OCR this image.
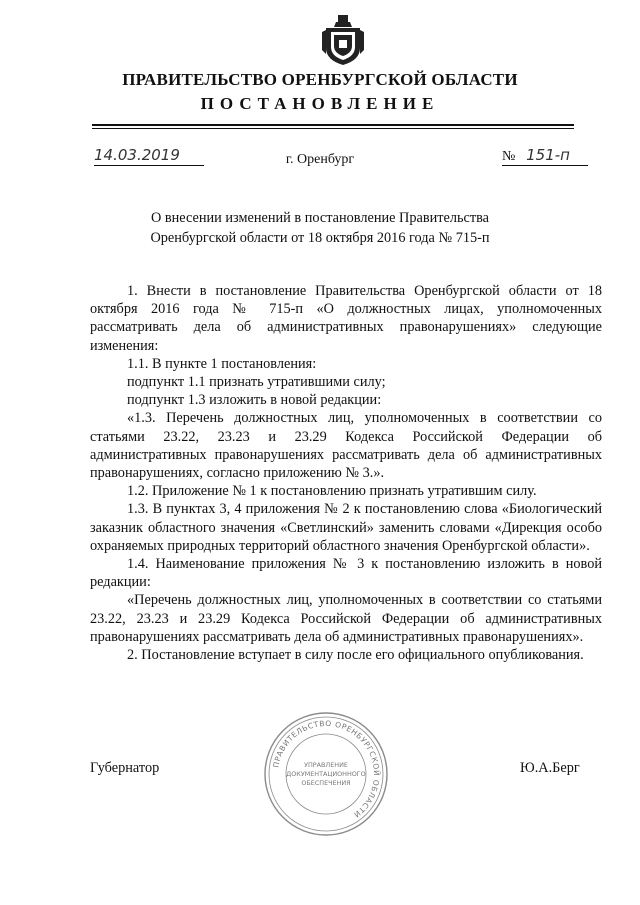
ПРАВИТЕЛЬСТВО ОРЕНБУРГСКОЙ ОБЛАСТИ
ПОСТАНОВЛЕНИЕ
14.03.2019	г. Оренбург	№ 151-п
О внесении изменений в постановление Правительства
Оренбургской области от 18 октября 2016 года № 715-п

1. Внести в постановление Правительства Оренбургской области от 18 октября 2016 года № 715-п «О должностных лицах, уполномоченных рассматривать дела об административных правонарушениях» следующие изменения:

1.1. В пункте 1 постановления:

подпункт 1.1 признать утратившими силу;

подпункт 1.3 изложить в новой редакции:

«1.3. Перечень должностных лиц, уполномоченных в соответствии со статьями 23.22, 23.23 и 23.29 Кодекса Российской Федерации об административных правонарушениях рассматривать дела об административных правонарушениях, согласно приложению № 3.».

1.2. Приложение № 1 к постановлению признать утратившим силу.

1.3. В пунктах 3, 4 приложения № 2 к постановлению слова «Биологический заказник областного значения «Светлинский» заменить словами «Дирекция особо охраняемых природных территорий областного значения Оренбургской области».

1.4. Наименование приложения № 3 к постановлению изложить в новой редакции:

«Перечень должностных лиц, уполномоченных в соответствии со статьями 23.22, 23.23 и 23.29 Кодекса Российской Федерации об административных правонарушениях рассматривать дела об административных правонарушениях».

2. Постановление вступает в силу после его официального опубликования.

Губернатор	Ю.А.Берг
ПРАВИТЕЛЬСТВО ОРЕНБУРГСКОЙ ОБЛАСТИ
УПРАВЛЕНИЕ
ДОКУМЕНТАЦИОННОГО
ОБЕСПЕЧЕНИЯ
